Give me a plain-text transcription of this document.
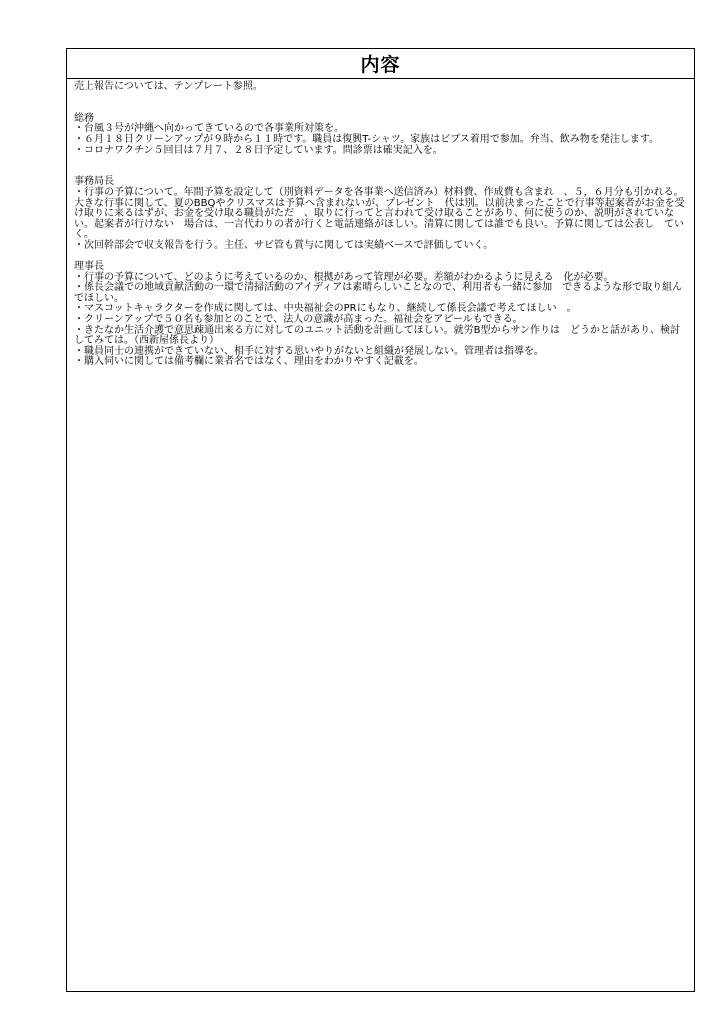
内容
売上報告については、テンプレート参照。
総務
・台風３号が沖縄へ向かってきているので各事業所対策を。
・６月１８日クリーンアップが９時から１１時です。職員は復興T-シャツ。家族はビブス着用で参加。弁当、飲み物を発注します。
・コロナワクチン５回目は７月７、２８日予定しています。問診票は確実記入を。
事務局長
・行事の予算について。年間予算を設定して（別資料データを各事業へ送信済み）材料費、作成費も含まれ　、５，６月分も引かれる。大きな行事に関して、夏のBBQやクリスマスは予算へ含まれないが、プレゼント　代は別。以前決まったことで行事等起案者がお金を受け取りに来るはずが、お金を受け取る職員がただ　、取りに行ってと言われて受け取ることがあり、何に使うのか、説明がされていない。起案者が行けない　場合は、一言代わりの者が行くと電話連絡がほしい。清算に関しては誰でも良い。予算に関しては公表し　ていく。
・次回幹部会で収支報告を行う。主任、サビ管も賞与に関しては実績ベースで評価していく。
理事長
・行事の予算について、どのように考えているのか、根拠があって管理が必要。差額がわかるように見える　化が必要。
・係長会議での地域貢献活動の一環で清掃活動のアイディアは素晴らしいことなので、利用者も一緒に参加　できるような形で取り組んでほしい。
・マスコットキャラクターを作成に関しては、中央福祉会のPRにもなり、継続して係長会議で考えてほしい　。
・クリーンアップで５０名も参加とのことで、法人の意識が高まった。福祉会をアピールもできる。
・きたなか生活介護で意思疎通出来る方に対してのユニット活動を計画してほしい。就労B型からサン作りは　どうかと話があり、検討してみては。（西新屋係長より）
・職員同士の連携ができていない、相手に対する思いやりがないと組織が発展しない。管理者は指導を。
・購入伺いに関しては備考欄に業者名ではなく、理由をわかりやすく記載を。
